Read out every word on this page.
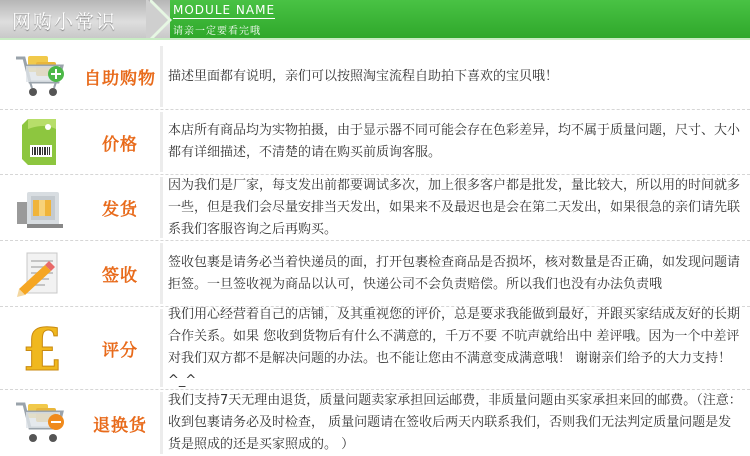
网购小常识
MODULE NAME
请亲一定要看完哦
自助购物 描述里面都有说明，亲们可以按照淘宝流程自助拍下喜欢的宝贝哦！

价格

本店所有商品均为实物拍摄，由于显示器不同可能会存在色彩差异，均不属于质量问题，尺寸、大小都有详细描述，不清楚的请在购买前质询客服。

发货

因为我们是厂家，每支发出前都要调试多次，加上很多客户都是批发，量比较大，所以用的时间就多一些，但是我们会尽量安排当天发出，如果来不及最迟也是会在第二天发出，如果很急的亲们请先联系我们客服咨询之后再购买。

签收

签收包裹是请务必当着快递员的面，打开包裹检查商品是否损坏，核对数量是否正确，如发现问题请拒签。一旦签收视为商品以认可，快递公司不会负责赔偿。所以我们也没有办法负责哦

£	评分

我们用心经营着自己的店铺，及其重视您的评价，总是要求我能做到最好，并跟买家结成友好的长期合作关系。如果 您收到货物后有什么不满意的，千万不要 不吭声就给出中 差评哦。因为一个中差评对我们双方都不是解决问题的办法。也不能让您由不满意变成满意哦！ 谢谢亲们给予的大力支持！^_^

退换货

我们支持7天无理由退货，质量问题卖家承担回运邮费，非质量问题由买家承担来回的邮费。（注意：收到包裹请务必及时检查， 质量问题请在签收后两天内联系我们，否则我们无法判定质量问题是发货是照成的还是买家照成的。 ）
